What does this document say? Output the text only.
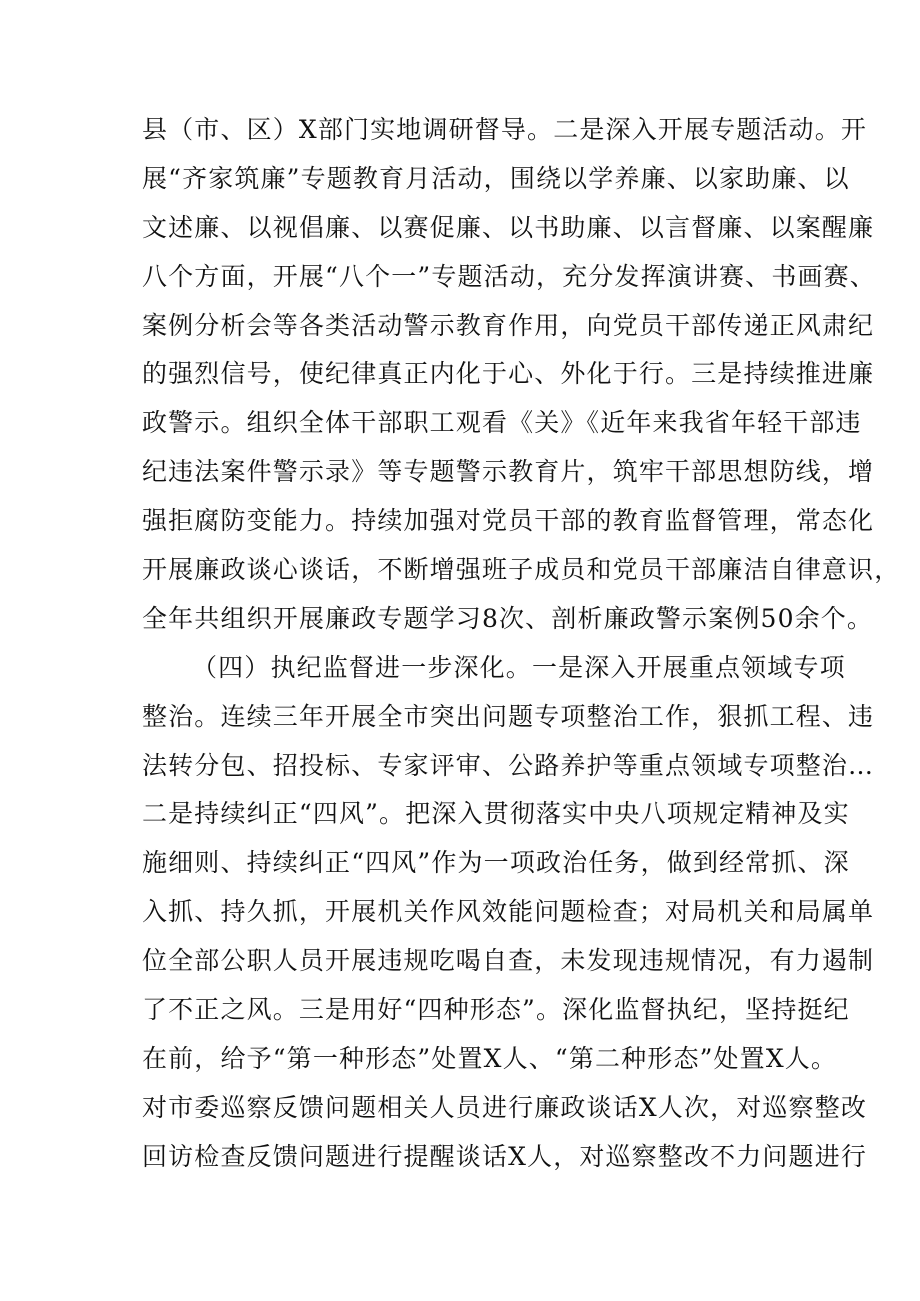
县（市、区）X部门实地调研督导。二是深入开展专题活动。开
展“齐家筑廉”专题教育月活动，围绕以学养廉、以家助廉、以
文述廉、以视倡廉、以赛促廉、以书助廉、以言督廉、以案醒廉
八个方面，开展“八个一”专题活动，充分发挥演讲赛、书画赛、
案例分析会等各类活动警示教育作用，向党员干部传递正风肃纪
的强烈信号，使纪律真正内化于心、外化于行。三是持续推进廉
政警示。组织全体干部职工观看《关》《近年来我省年轻干部违
纪违法案件警示录》等专题警示教育片，筑牢干部思想防线，增
强拒腐防变能力。持续加强对党员干部的教育监督管理，常态化
开展廉政谈心谈话，不断增强班子成员和党员干部廉洁自律意识，
全年共组织开展廉政专题学习8次、剖析廉政警示案例50余个。
（四）执纪监督进一步深化。一是深入开展重点领域专项
整治。连续三年开展全市突出问题专项整治工作，狠抓工程、违
法转分包、招投标、专家评审、公路养护等重点领域专项整治…
二是持续纠正“四风”。把深入贯彻落实中央八项规定精神及实
施细则、持续纠正“四风”作为一项政治任务，做到经常抓、深
入抓、持久抓，开展机关作风效能问题检查；对局机关和局属单
位全部公职人员开展违规吃喝自查，未发现违规情况，有力遏制
了不正之风。三是用好“四种形态”。深化监督执纪，坚持挺纪
在前，给予“第一种形态”处置X人、“第二种形态”处置X人。
对市委巡察反馈问题相关人员进行廉政谈话X人次，对巡察整改
回访检查反馈问题进行提醒谈话X人，对巡察整改不力问题进行
